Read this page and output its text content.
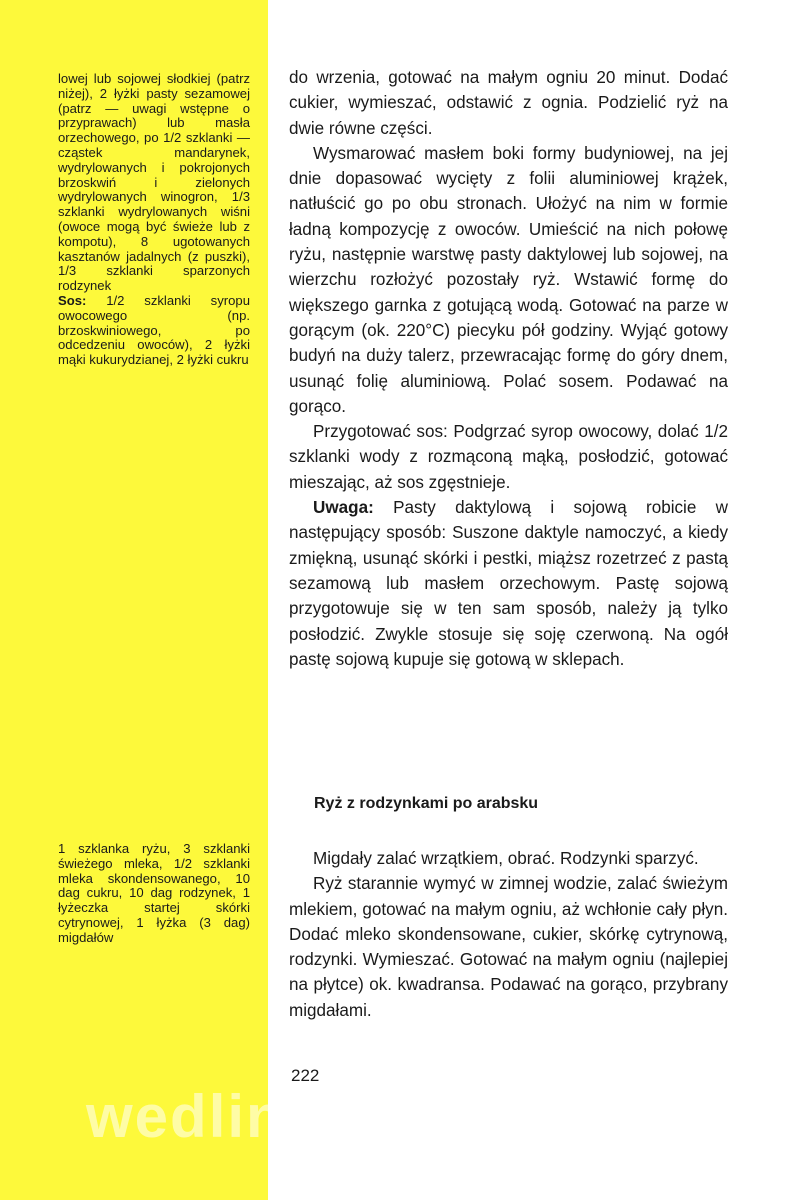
lowej lub sojowej słodkiej (patrz niżej), 2 łyżki pasty sezamowej (patrz — uwagi wstępne o przyprawach) lub masła orzechowego, po 1/2 szklanki — cząstek mandarynek, wydrylowanych i pokrojonych brzoskwiń i zielonych wydrylowanych winogron, 1/3 szklanki wydrylowanych wiśni (owoce mogą być świeże lub z kompotu), 8 ugotowanych kasztanów jadalnych (z puszki), 1/3 szklanki sparzonych rodzynek
Sos: 1/2 szklanki syropu owocowego (np. brzoskwiniowego, po odcedzeniu owoców), 2 łyżki mąki kukurydzianej, 2 łyżki cukru

1 szklanka ryżu, 3 szklanki świeżego mleka, 1/2 szklanki mleka skondensowanego, 10 dag cukru, 10 dag rodzynek, 1 łyżeczka startej skórki cytrynowej, 1 łyżka (3 dag) migdałów

do wrzenia, gotować na małym ogniu 20 minut. Dodać cukier, wymieszać, odstawić z ognia. Podzielić ryż na dwie równe części.

Wysmarować masłem boki formy budyniowej, na jej dnie dopasować wycięty z folii aluminiowej krążek, natłuścić go po obu stronach. Ułożyć na nim w formie ładną kompozycję z owoców. Umieścić na nich połowę ryżu, następnie warstwę pasty daktylowej lub sojowej, na wierzchu rozłożyć pozostały ryż. Wstawić formę do większego garnka z gotującą wodą. Gotować na parze w gorącym (ok. 220°C) piecyku pół godziny. Wyjąć gotowy budyń na duży talerz, przewracając formę do góry dnem, usunąć folię aluminiową. Polać sosem. Podawać na gorąco.

Przygotować sos: Podgrzać syrop owocowy, dolać 1/2 szklanki wody z rozmąconą mąką, posłodzić, gotować mieszając, aż sos zgęstnieje.

Uwaga: Pasty daktylową i sojową robicie w następujący sposób: Suszone daktyle namoczyć, a kiedy zmiękną, usunąć skórki i pestki, miąższ rozetrzeć z pastą sezamową lub masłem orzechowym. Pastę sojową przygotowuje się w ten sam sposób, należy ją tylko posłodzić. Zwykle stosuje się soję czerwoną. Na ogół pastę sojową kupuje się gotową w sklepach.

Ryż z rodzynkami po arabsku

Migdały zalać wrzątkiem, obrać. Rodzynki sparzyć.

Ryż starannie wymyć w zimnej wodzie, zalać świeżym mlekiem, gotować na małym ogniu, aż wchłonie cały płyn. Dodać mleko skondensowane, cukier, skórkę cytrynową, rodzynki. Wymieszać. Gotować na małym ogniu (najlepiej na płytce) ok. kwadransa. Podawać na gorąco, przybrany migdałami.

222
wedlinydomowe.pl
